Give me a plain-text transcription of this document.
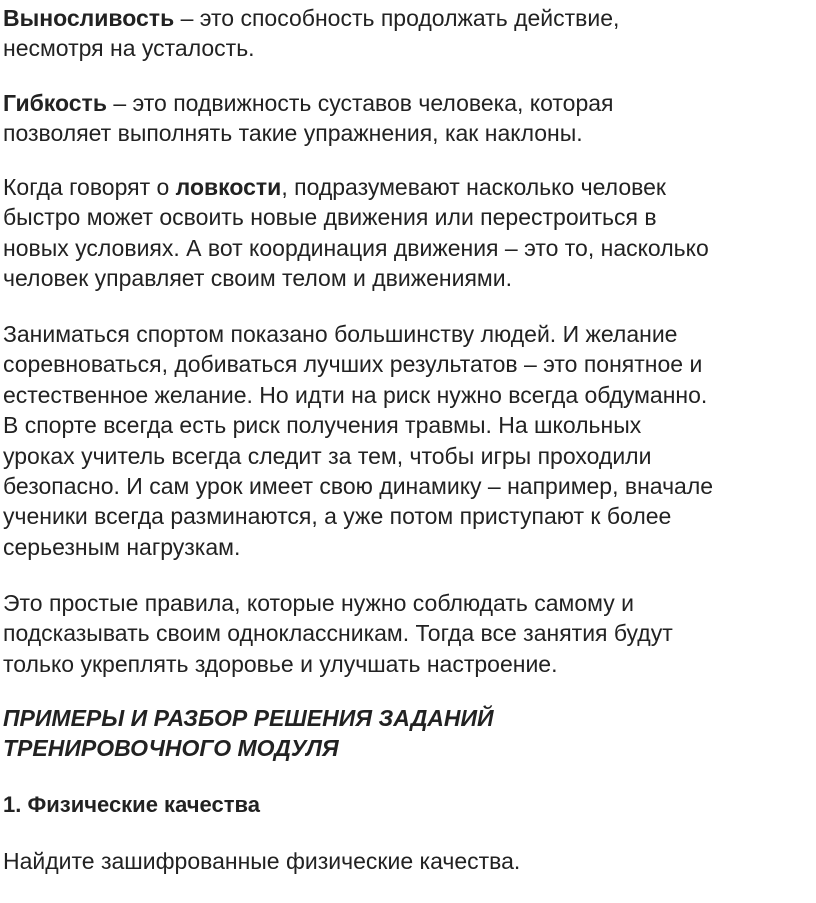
Выносливость – это способность продолжать действие,
несмотря на усталость.

Гибкость – это подвижность суставов человека, которая
позволяет выполнять такие упражнения, как наклоны.

Когда говорят о ловкости, подразумевают насколько человек
быстро может освоить новые движения или перестроиться в
новых условиях. А вот координация движения – это то, насколько
человек управляет своим телом и движениями.

Заниматься спортом показано большинству людей. И желание
соревноваться, добиваться лучших результатов – это понятное и
естественное желание. Но идти на риск нужно всегда обдуманно.
В спорте всегда есть риск получения травмы. На школьных
уроках учитель всегда следит за тем, чтобы игры проходили
безопасно. И сам урок имеет свою динамику – например, вначале
ученики всегда разминаются, а уже потом приступают к более
серьезным нагрузкам.

Это простые правила, которые нужно соблюдать самому и
подсказывать своим одноклассникам. Тогда все занятия будут
только укреплять здоровье и улучшать настроение.

ПРИМЕРЫ И РАЗБОР РЕШЕНИЯ ЗАДАНИЙ
ТРЕНИРОВОЧНОГО МОДУЛЯ
1. Физические качества

Найдите зашифрованные физические качества.
